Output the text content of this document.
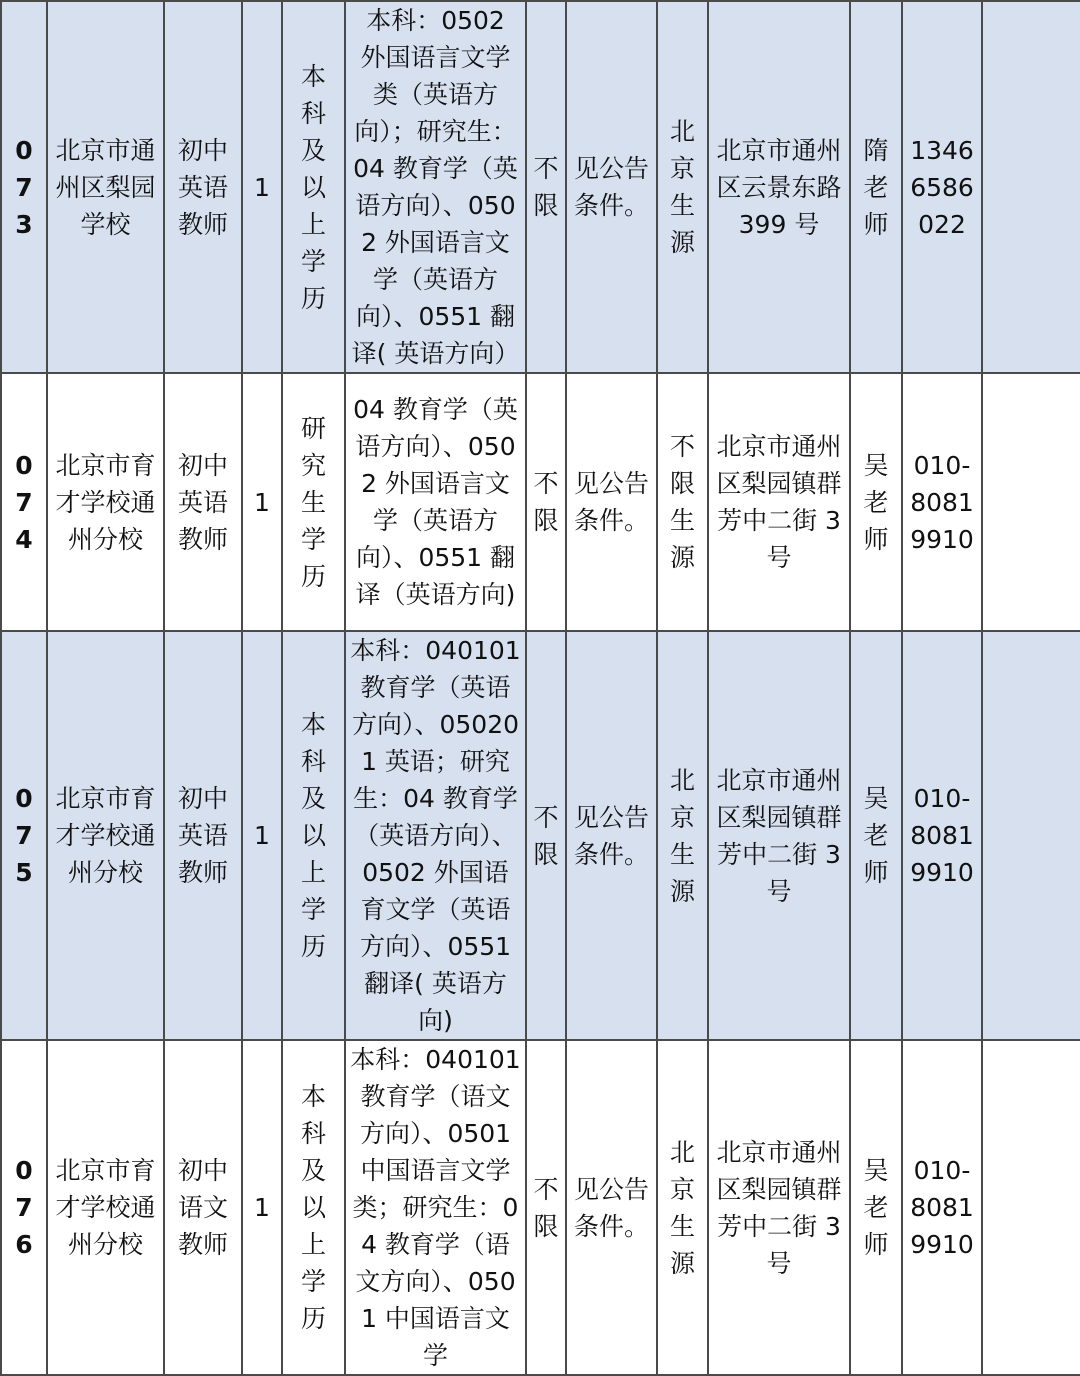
073	北京市通州区梨园学校	初中英语教师	1	本科及以上学历	本科：0502 外国语言文学类（英语方向）；研究生：04 教育学（英语方向）、0502 外国语言文学（英语方向）、0551 翻译( 英语方向）	不限	见公告条件。	北京生源	北京市通州区云景东路 399 号	隋老师	13466586022	
074	北京市育才学校通州分校	初中英语教师	1	研究生学历	04 教育学（英语方向）、0502 外国语言文学（英语方向）、0551 翻译（英语方向)	不限	见公告条件。	不限生源	北京市通州区梨园镇群芳中二街 3 号	吴老师	010-80819910	
075	北京市育才学校通州分校	初中英语教师	1	本科及以上学历	本科：040101 教育学（英语方向）、050201 英语；研究生：04 教育学（英语方向）、0502 外国语育文学（英语方向）、0551 翻译( 英语方向)	不限	见公告条件。	北京生源	北京市通州区梨园镇群芳中二街 3 号	吴老师	010-80819910	
076	北京市育才学校通州分校	初中语文教师	1	本科及以上学历	本科：040101 教育学（语文方向）、0501 中国语言文学类；研究生：04 教育学（语文方向）、0501 中国语言文学	不限	见公告条件。	北京生源	北京市通州区梨园镇群芳中二街 3 号	吴老师	010-80819910	
